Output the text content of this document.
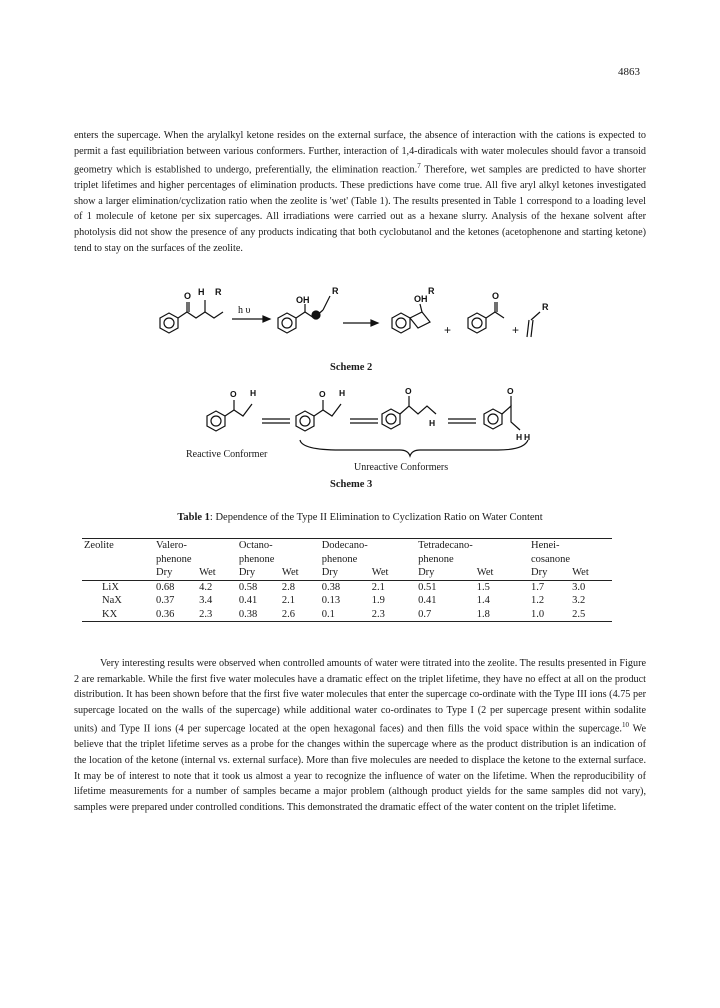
4863

enters the supercage. When the arylalkyl ketone resides on the external surface, the absence of interaction with the cations is expected to permit a fast equilibriation between various conformers. Further, interaction of 1,4-diradicals with water molecules should favor a transoid geometry which is established to undergo, preferentially, the elimination reaction.$^7$ Therefore, wet samples are predicted to have shorter triplet lifetimes and higher percentages of elimination products. These predictions have come true. All five aryl alkyl ketones investigated show a larger elimination/cyclization ratio when the zeolite is 'wet' (Table 1). The results presented in Table 1 correspond to a loading level of 1 molecule of ketone per six supercages. All irradiations were carried out as a hexane slurry. Analysis of the hexane solvent after photolysis did not show the presence of any products indicating that both cyclobutanol and the ketones (acetophenone and starting ketone) tend to stay on the surfaces of the zeolite.

O H R
OH
R
OH
R	O
R
h υ
+	+
Scheme 2
O H	O H	O
H
O
H H
Reactive Conformer
Unreactive Conformers
Scheme 3
Table 1: Dependence of the Type II Elimination to Cyclization Ratio on Water Content
Zeolite	Valero-		Octano-		Dodecano-		Tetradecano-		Henei-	
	phenone		phenone		phenone		phenone		cosanone	
	Dry	Wet	Dry	Wet	Dry	Wet	Dry	Wet	Dry	Wet
LiX	0.68	4.2	0.58	2.8	0.38	2.1	0.51	1.5	1.7	3.0
NaX	0.37	3.4	0.41	2.1	0.13	1.9	0.41	1.4	1.2	3.2
KX	0.36	2.3	0.38	2.6	0.1	2.3	0.7	1.8	1.0	2.5

Very interesting results were observed when controlled amounts of water were titrated into the zeolite. The results presented in Figure 2 are remarkable. While the first five water molecules have a dramatic effect on the triplet lifetime, they have no effect at all on the product distribution. It has been shown before that the first five water molecules that enter the supercage co-ordinate with the Type III ions (4.75 per supercage located on the walls of the supercage) while additional water co-ordinates to Type I (2 per supercage present within sodalite units) and Type II ions (4 per supercage located at the open hexagonal faces) and then fills the void space within the supercage.$^{10}$ We believe that the triplet lifetime serves as a probe for the changes within the supercage where as the product distribution is an indication of the location of the ketone (internal vs. external surface). More than five molecules are needed to displace the ketone to the external surface. It may be of interest to note that it took us almost a year to recognize the influence of water on the lifetime. When the reproducibility of lifetime measurements for a number of samples became a major problem (although product yields for the same samples did not vary), samples were prepared under controlled conditions. This demonstrated the dramatic effect of the water content on the triplet lifetime.
